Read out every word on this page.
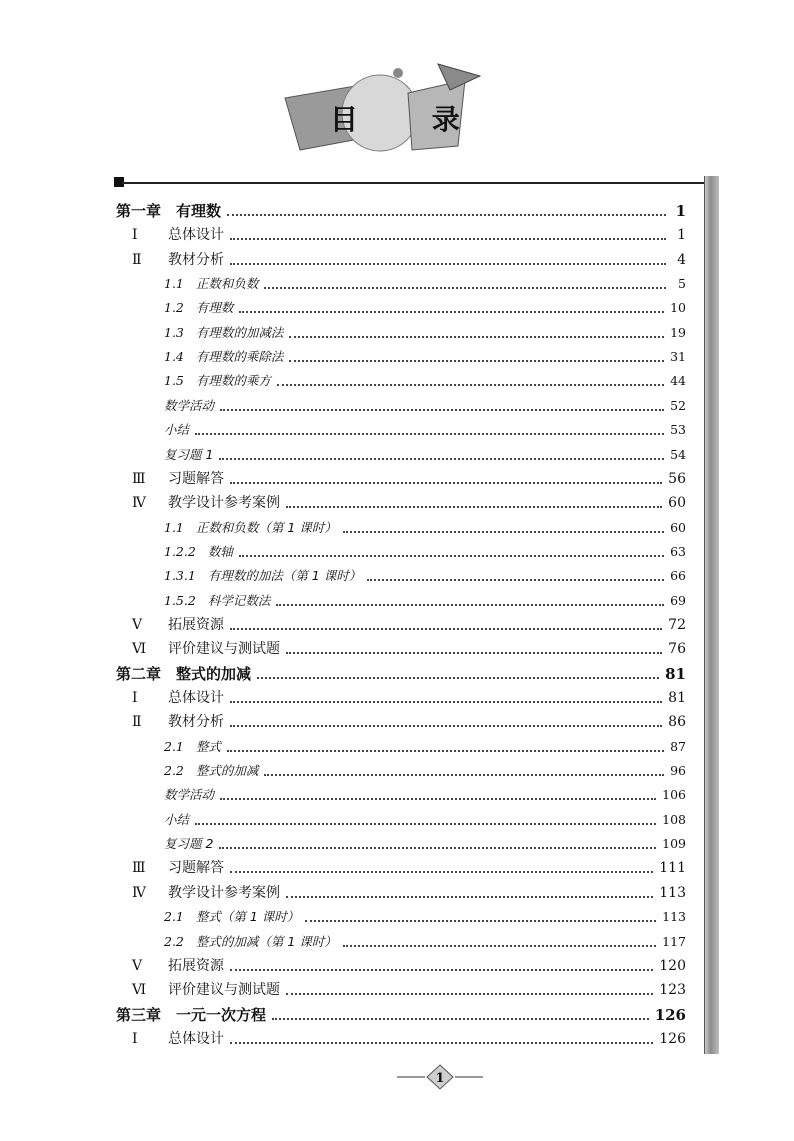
目 录
第一章　有理数	1
Ⅰ 总体设计	1
Ⅱ 教材分析	4
1.1 正数和负数	5
1.2 有理数	10
1.3 有理数的加减法	19
1.4 有理数的乘除法	31
1.5 有理数的乘方	44
数学活动	52
小结	53
复习题 1	54
Ⅲ 习题解答	56
Ⅳ 教学设计参考案例	60
1.1 正数和负数（第 1 课时）	60
1.2.2 数轴	63
1.3.1 有理数的加法（第 1 课时）	66
1.5.2 科学记数法	69
Ⅴ 拓展资源	72
Ⅵ 评价建议与测试题	76
第二章　整式的加减	81
Ⅰ 总体设计	81
Ⅱ 教材分析	86
2.1 整式	87
2.2 整式的加减	96
数学活动	106
小结	108
复习题 2	109
Ⅲ 习题解答	111
Ⅳ 教学设计参考案例	113
2.1 整式（第 1 课时）	113
2.2 整式的加减（第 1 课时）	117
Ⅴ 拓展资源	120
Ⅵ 评价建议与测试题	123
第三章　一元一次方程	126
Ⅰ 总体设计	126
1
